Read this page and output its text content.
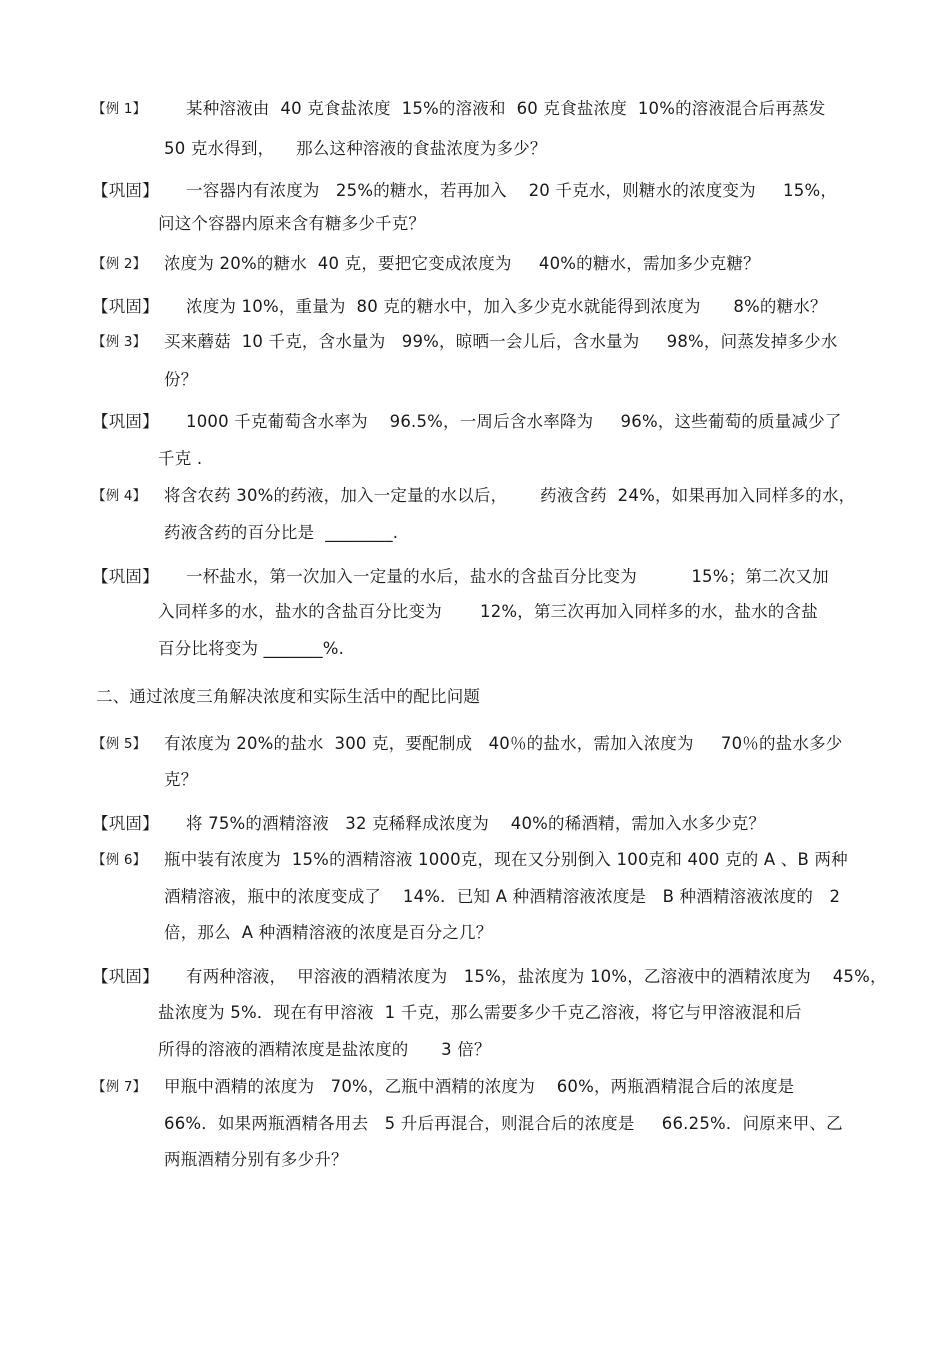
【例 1】 某种溶液由  40 克食盐浓度  15%的溶液和  60 克食盐浓度  10%的溶液混合后再蒸发
50 克水得到，    那么这种溶液的食盐浓度为多少？
【巩固】 一容器内有浓度为   25%的糖水，若再加入    20 千克水，则糖水的浓度变为     15%，
问这个容器内原来含有糖多少千克？
【例 2】 浓度为 20%的糖水  40 克，要把它变成浓度为     40%的糖水，需加多少克糖？
【巩固】 浓度为 10%，重量为  80 克的糖水中，加入多少克水就能得到浓度为      8%的糖水？
【例 3】 买来蘑菇  10 千克，含水量为   99%，晾晒一会儿后，含水量为     98%，问蒸发掉多少水
份？
【巩固】 1000 千克葡萄含水率为    96.5%，一周后含水率降为     96%，这些葡萄的质量减少了
千克 .
【例 4】 将含农药 30%的药液，加入一定量的水以后，      药液含药  24%，如果再加入同样多的水，
药液含药的百分比是  ________.
【巩固】 一杯盐水，第一次加入一定量的水后，盐水的含盐百分比变为          15%；第二次又加
入同样多的水，盐水的含盐百分比变为       12%，第三次再加入同样多的水，盐水的含盐
百分比将变为 _______%.
二、通过浓度三角解决浓度和实际生活中的配比问题
【例 5】 有浓度为 20%的盐水  300 克，要配制成   40％的盐水，需加入浓度为     70％的盐水多少
克？
【巩固】 将 75%的酒精溶液   32 克稀释成浓度为    40%的稀酒精，需加入水多少克？
【例 6】 瓶中装有浓度为  15%的酒精溶液 1000克，现在又分别倒入 100克和 400 克的 A 、B 两种
酒精溶液，瓶中的浓度变成了    14%．已知 A 种酒精溶液浓度是   B 种酒精溶液浓度的   2
倍，那么  A 种酒精溶液的浓度是百分之几？
【巩固】 有两种溶液，  甲溶液的酒精浓度为   15%，盐浓度为 10%，乙溶液中的酒精浓度为    45%，
盐浓度为 5%．现在有甲溶液  1 千克，那么需要多少千克乙溶液，将它与甲溶液混和后
所得的溶液的酒精浓度是盐浓度的      3 倍？
【例 7】 甲瓶中酒精的浓度为   70%，乙瓶中酒精的浓度为    60%，两瓶酒精混合后的浓度是
66%．如果两瓶酒精各用去   5 升后再混合，则混合后的浓度是     66.25%．问原来甲、乙
两瓶酒精分别有多少升？
